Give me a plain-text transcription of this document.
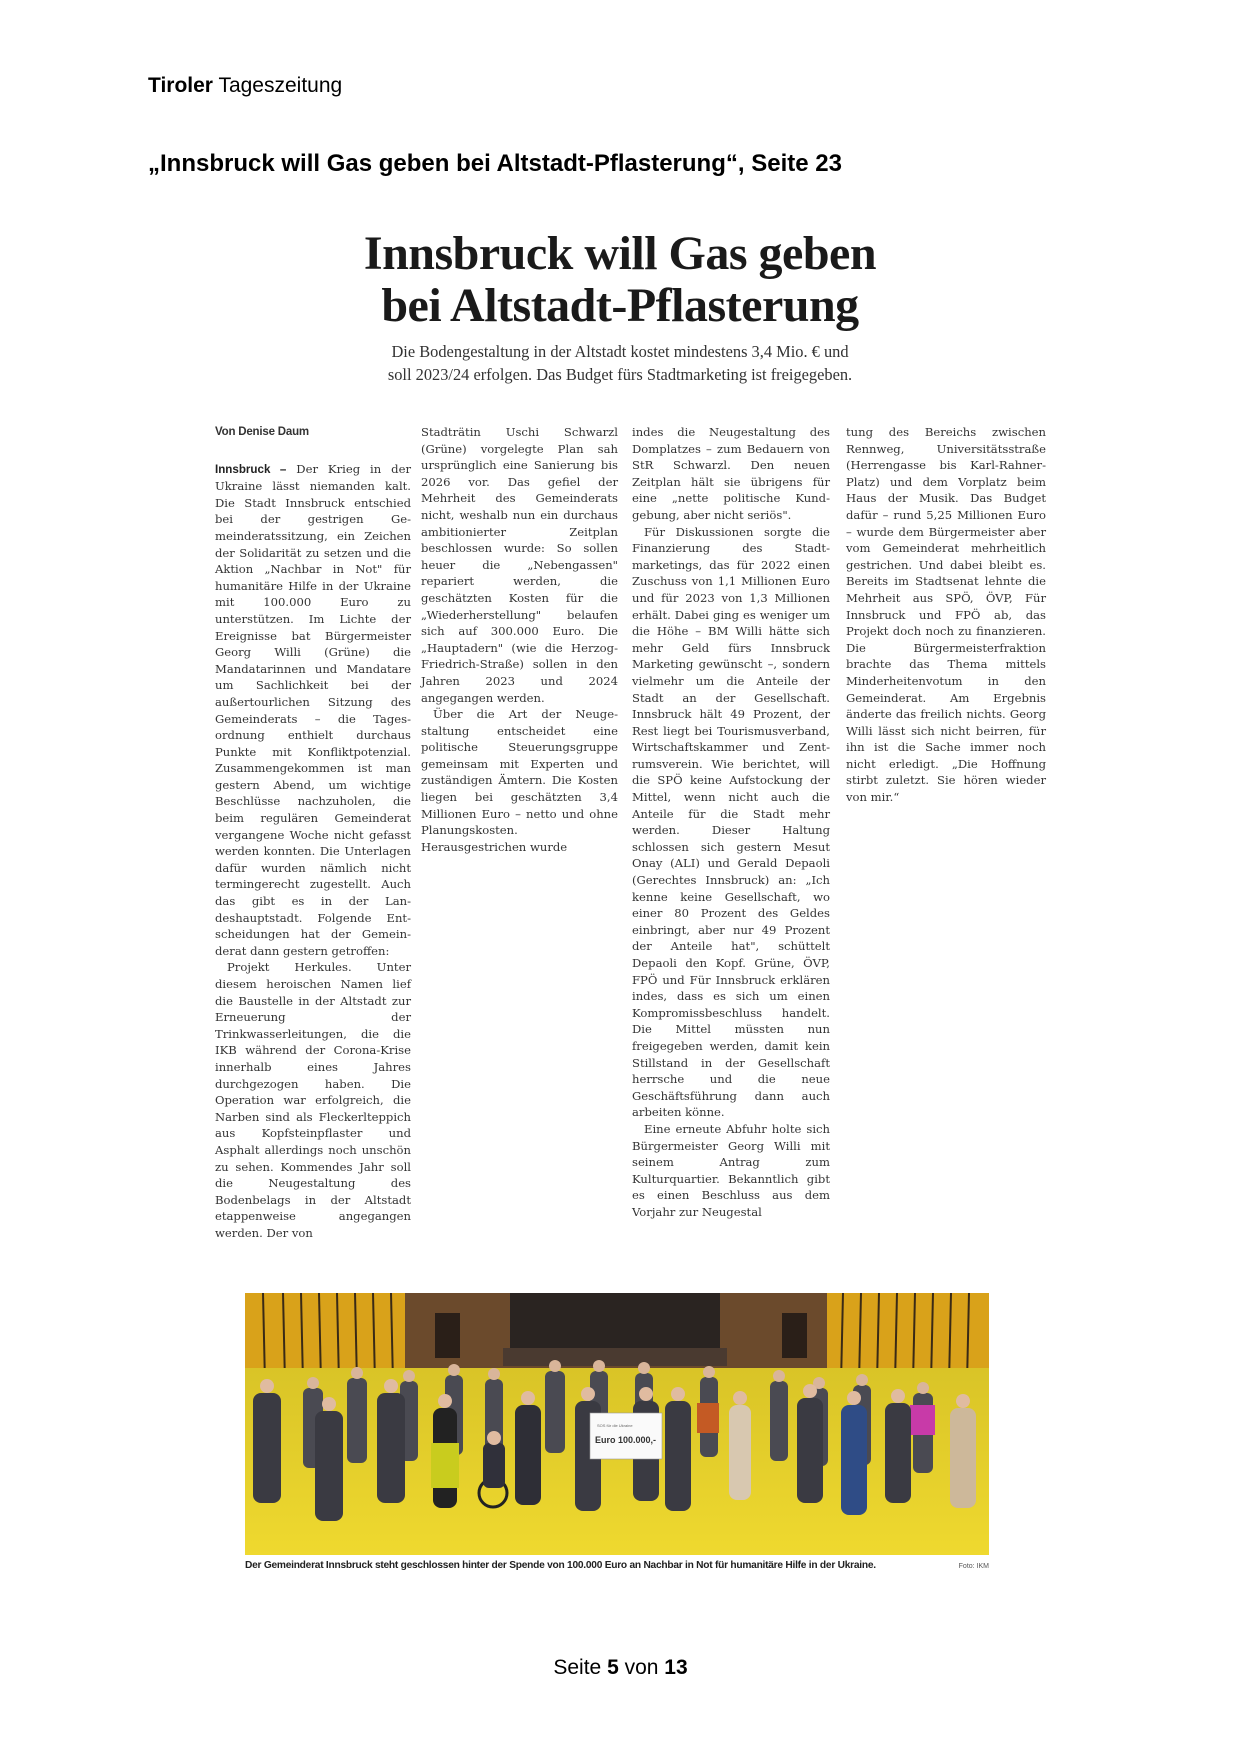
Tiroler Tageszeitung
„Innsbruck will Gas geben bei Altstadt-Pflasterung“, Seite 23
Innsbruck will Gas geben
bei Altstadt-Pflasterung
Die Bodengestaltung in der Altstadt kostet mindestens 3,4 Mio. € und
soll 2023/24 erfolgen. Das Budget fürs Stadtmarketing ist freigegeben.
Von Denise Daum

Innsbruck – Der Krieg in der Ukraine lässt niemanden kalt. Die Stadt Innsbruck entschied bei der gestrigen Gemeinderatssitzung, ein Zeichen der Solidarität zu setzen und die Aktion „Nachbar in Not" für humanitäre Hilfe in der Ukraine mit 100.000 Euro zu unterstützen. Im Lichte der Ereignisse bat Bürgermeister Georg Willi (Grüne) die Mandatarinnen und Mandatare um Sachlichkeit bei der außertourlichen Sitzung des Gemeinderats – die Tagesordnung enthielt durchaus Punkte mit Konfliktpotenzial. Zusammengekommen ist man gestern Abend, um wichtige Beschlüsse nachzuholen, die beim regulären Gemeinderat vergangene Woche nicht gefasst werden konnten. Die Unterlagen dafür wurden nämlich nicht termingerecht zugestellt. Auch das gibt es in der Landeshauptstadt. Folgende Entscheidungen hat der Gemeinderat dann gestern getroffen:

Projekt Herkules. Unter diesem heroischen Namen lief die Baustelle in der Altstadt zur Erneuerung der Trinkwasserleitungen, die die IKB während der Corona-Krise innerhalb eines Jahres durchgezogen haben. Die Operation war erfolgreich, die Narben sind als Fleckerlteppich aus Kopfsteinpflaster und Asphalt allerdings noch unschön zu sehen. Kommendes Jahr soll die Neugestaltung des Bodenbelags in der Altstadt etappenweise angegangen werden. Der von

Stadträtin Uschi Schwarzl (Grüne) vorgelegte Plan sah ursprünglich eine Sanierung bis 2026 vor. Das gefiel der Mehrheit des Gemeinderats nicht, weshalb nun ein durchaus ambitionierter Zeitplan beschlossen wurde: So sollen heuer die „Nebengassen" repariert werden, die geschätzten Kosten für die „Wiederherstellung" belaufen sich auf 300.000 Euro. Die „Hauptadern" (wie die Herzog-Friedrich-Straße) sollen in den Jahren 2023 und 2024 angegangen werden.

Über die Art der Neugestaltung entscheidet eine politische Steuerungsgruppe gemeinsam mit Experten und zuständigen Ämtern. Die Kosten liegen bei geschätzten 3,4 Millionen Euro – netto und ohne Planungskosten. Herausgestrichen wurde

indes die Neugestaltung des Domplatzes – zum Bedauern von StR Schwarzl. Den neuen Zeitplan hält sie übrigens für eine „nette politische Kundgebung, aber nicht seriös".

Für Diskussionen sorgte die Finanzierung des Stadtmarketings, das für 2022 einen Zuschuss von 1,1 Millionen Euro und für 2023 von 1,3 Millionen erhält. Dabei ging es weniger um die Höhe – BM Willi hätte sich mehr Geld fürs Innsbruck Marketing gewünscht –, sondern vielmehr um die Anteile der Stadt an der Gesellschaft. Innsbruck hält 49 Prozent, der Rest liegt bei Tourismusverband, Wirtschaftskammer und Zentrumsverein. Wie berichtet, will die SPÖ keine Aufstockung der Mittel, wenn nicht auch die Anteile für die Stadt mehr werden. Dieser Haltung schlossen sich gestern Mesut Onay (ALI) und Gerald Depaoli (Gerechtes Innsbruck) an: „Ich kenne keine Gesellschaft, wo einer 80 Prozent des Geldes einbringt, aber nur 49 Prozent der Anteile hat", schüttelt Depaoli den Kopf. Grüne, ÖVP, FPÖ und Für Innsbruck erklären indes, dass es sich um einen Kompromissbeschluss handelt. Die Mittel müssten nun freigegeben werden, damit kein Stillstand in der Gesellschaft herrsche und die neue Geschäftsführung dann auch arbeiten könne.

Eine erneute Abfuhr holte sich Bürgermeister Georg Willi mit seinem Antrag zum Kulturquartier. Bekanntlich gibt es einen Beschluss aus dem Vorjahr zur Neugestal

tung des Bereichs zwischen Rennweg, Universitätsstraße (Herrengasse bis Karl-Rahner-Platz) und dem Vorplatz beim Haus der Musik. Das Budget dafür – rund 5,25 Millionen Euro – wurde dem Bürgermeister aber vom Gemeinderat mehrheitlich gestrichen. Und dabei bleibt es. Bereits im Stadtsenat lehnte die Mehrheit aus SPÖ, ÖVP, Für Innsbruck und FPÖ ab, das Projekt doch noch zu finanzieren. Die Bürgermeisterfraktion brachte das Thema mittels Minderheitenvotum in den Gemeinderat. Am Ergebnis änderte das freilich nichts. Georg Willi lässt sich nicht beirren, für ihn ist die Sache immer noch nicht erledigt. „Die Hoffnung stirbt zuletzt. Sie hören wieder von mir.“

SOS für die Ukraine
Euro 100.000,-
Der Gemeinderat Innsbruck steht geschlossen hinter der Spende von 100.000 Euro an Nachbar in Not für humanitäre Hilfe in der Ukraine.	Foto: IKM
Seite 5 von 13
